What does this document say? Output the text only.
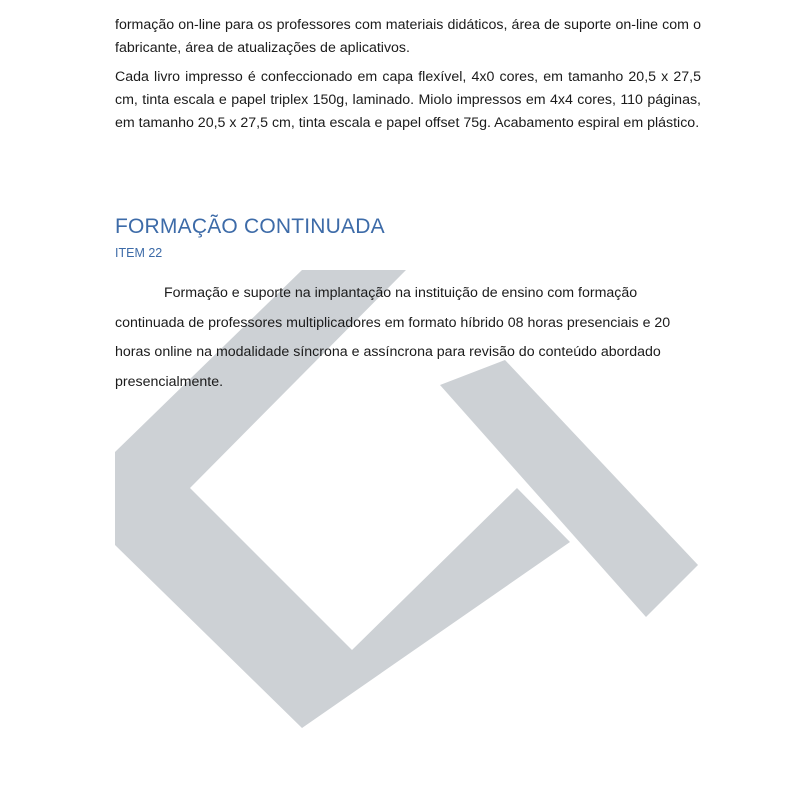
formação on-line para os professores com materiais didáticos, área de suporte on-line com o fabricante, área de atualizações de aplicativos.

Cada livro impresso é confeccionado em capa flexível, 4x0 cores, em tamanho 20,5 x 27,5 cm, tinta escala e papel triplex 150g, laminado. Miolo impressos em 4x4 cores, 110 páginas, em tamanho 20,5 x 27,5 cm, tinta escala e papel offset 75g. Acabamento espiral em plástico.

FORMAÇÃO CONTINUADA
ITEM 22

Formação e suporte na implantação na instituição de ensino com formação continuada de professores multiplicadores em formato híbrido 08 horas presenciais e 20 horas online na modalidade síncrona e assíncrona para revisão do conteúdo abordado presencialmente.
